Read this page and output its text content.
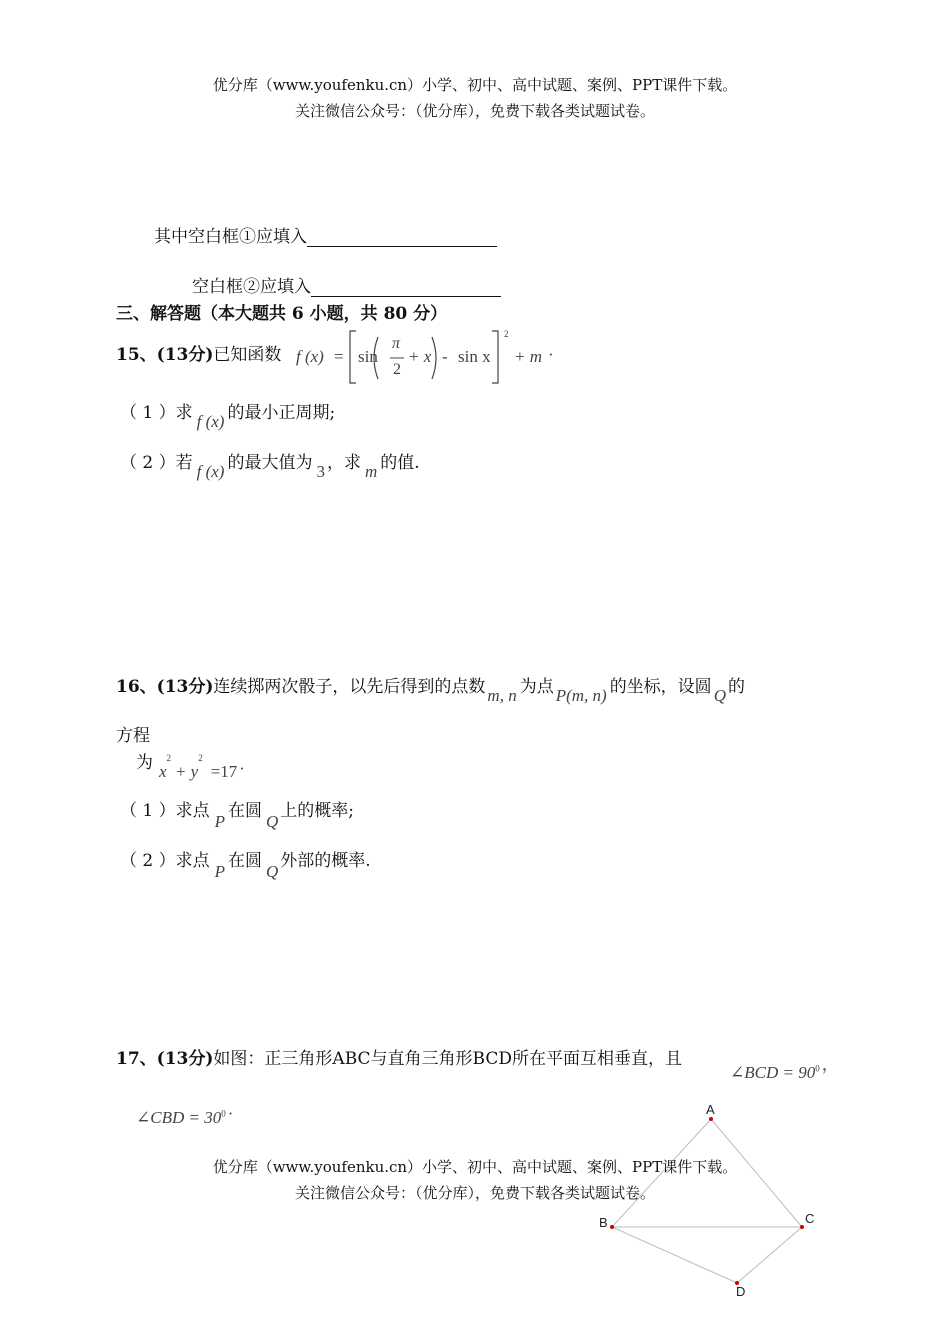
优分库（www.youfenku.cn）小学、初中、高中试题、案例、PPT课件下载。
关注微信公众号：（优分库），免费下载各类试题试卷。
其中空白框①应填入
空白框②应填入
三、解答题（本大题共 6 小题，共 80 分）
15、(13分)已知函数 f (x) = sin
π
2
+ x - sin x
2
+ m ·
（ 1 ）求 f (x) 的最小正周期;
（ 2 ）若 f (x) 的最大值为 3 ，求 m 的值.
16、(13分)连续掷两次骰子，以先后得到的点数 m, n 为点 P(m, n) 的坐标，设圆 Q 的
方程
为 $x^2+ y^2=17$ ·
（ 1 ）求点P在圆Q上的概率;
（ 2 ）求点P在圆Q外部的概率.
17、(13分)如图：正三角形ABC与直角三角形BCD所在平面互相垂直，且
∠BCD = $90^0$ ，
∠CBD = $30^0$ ·	A
B	C
D
优分库（www.youfenku.cn）小学、初中、高中试题、案例、PPT课件下载。
关注微信公众号：（优分库），免费下载各类试题试卷。
